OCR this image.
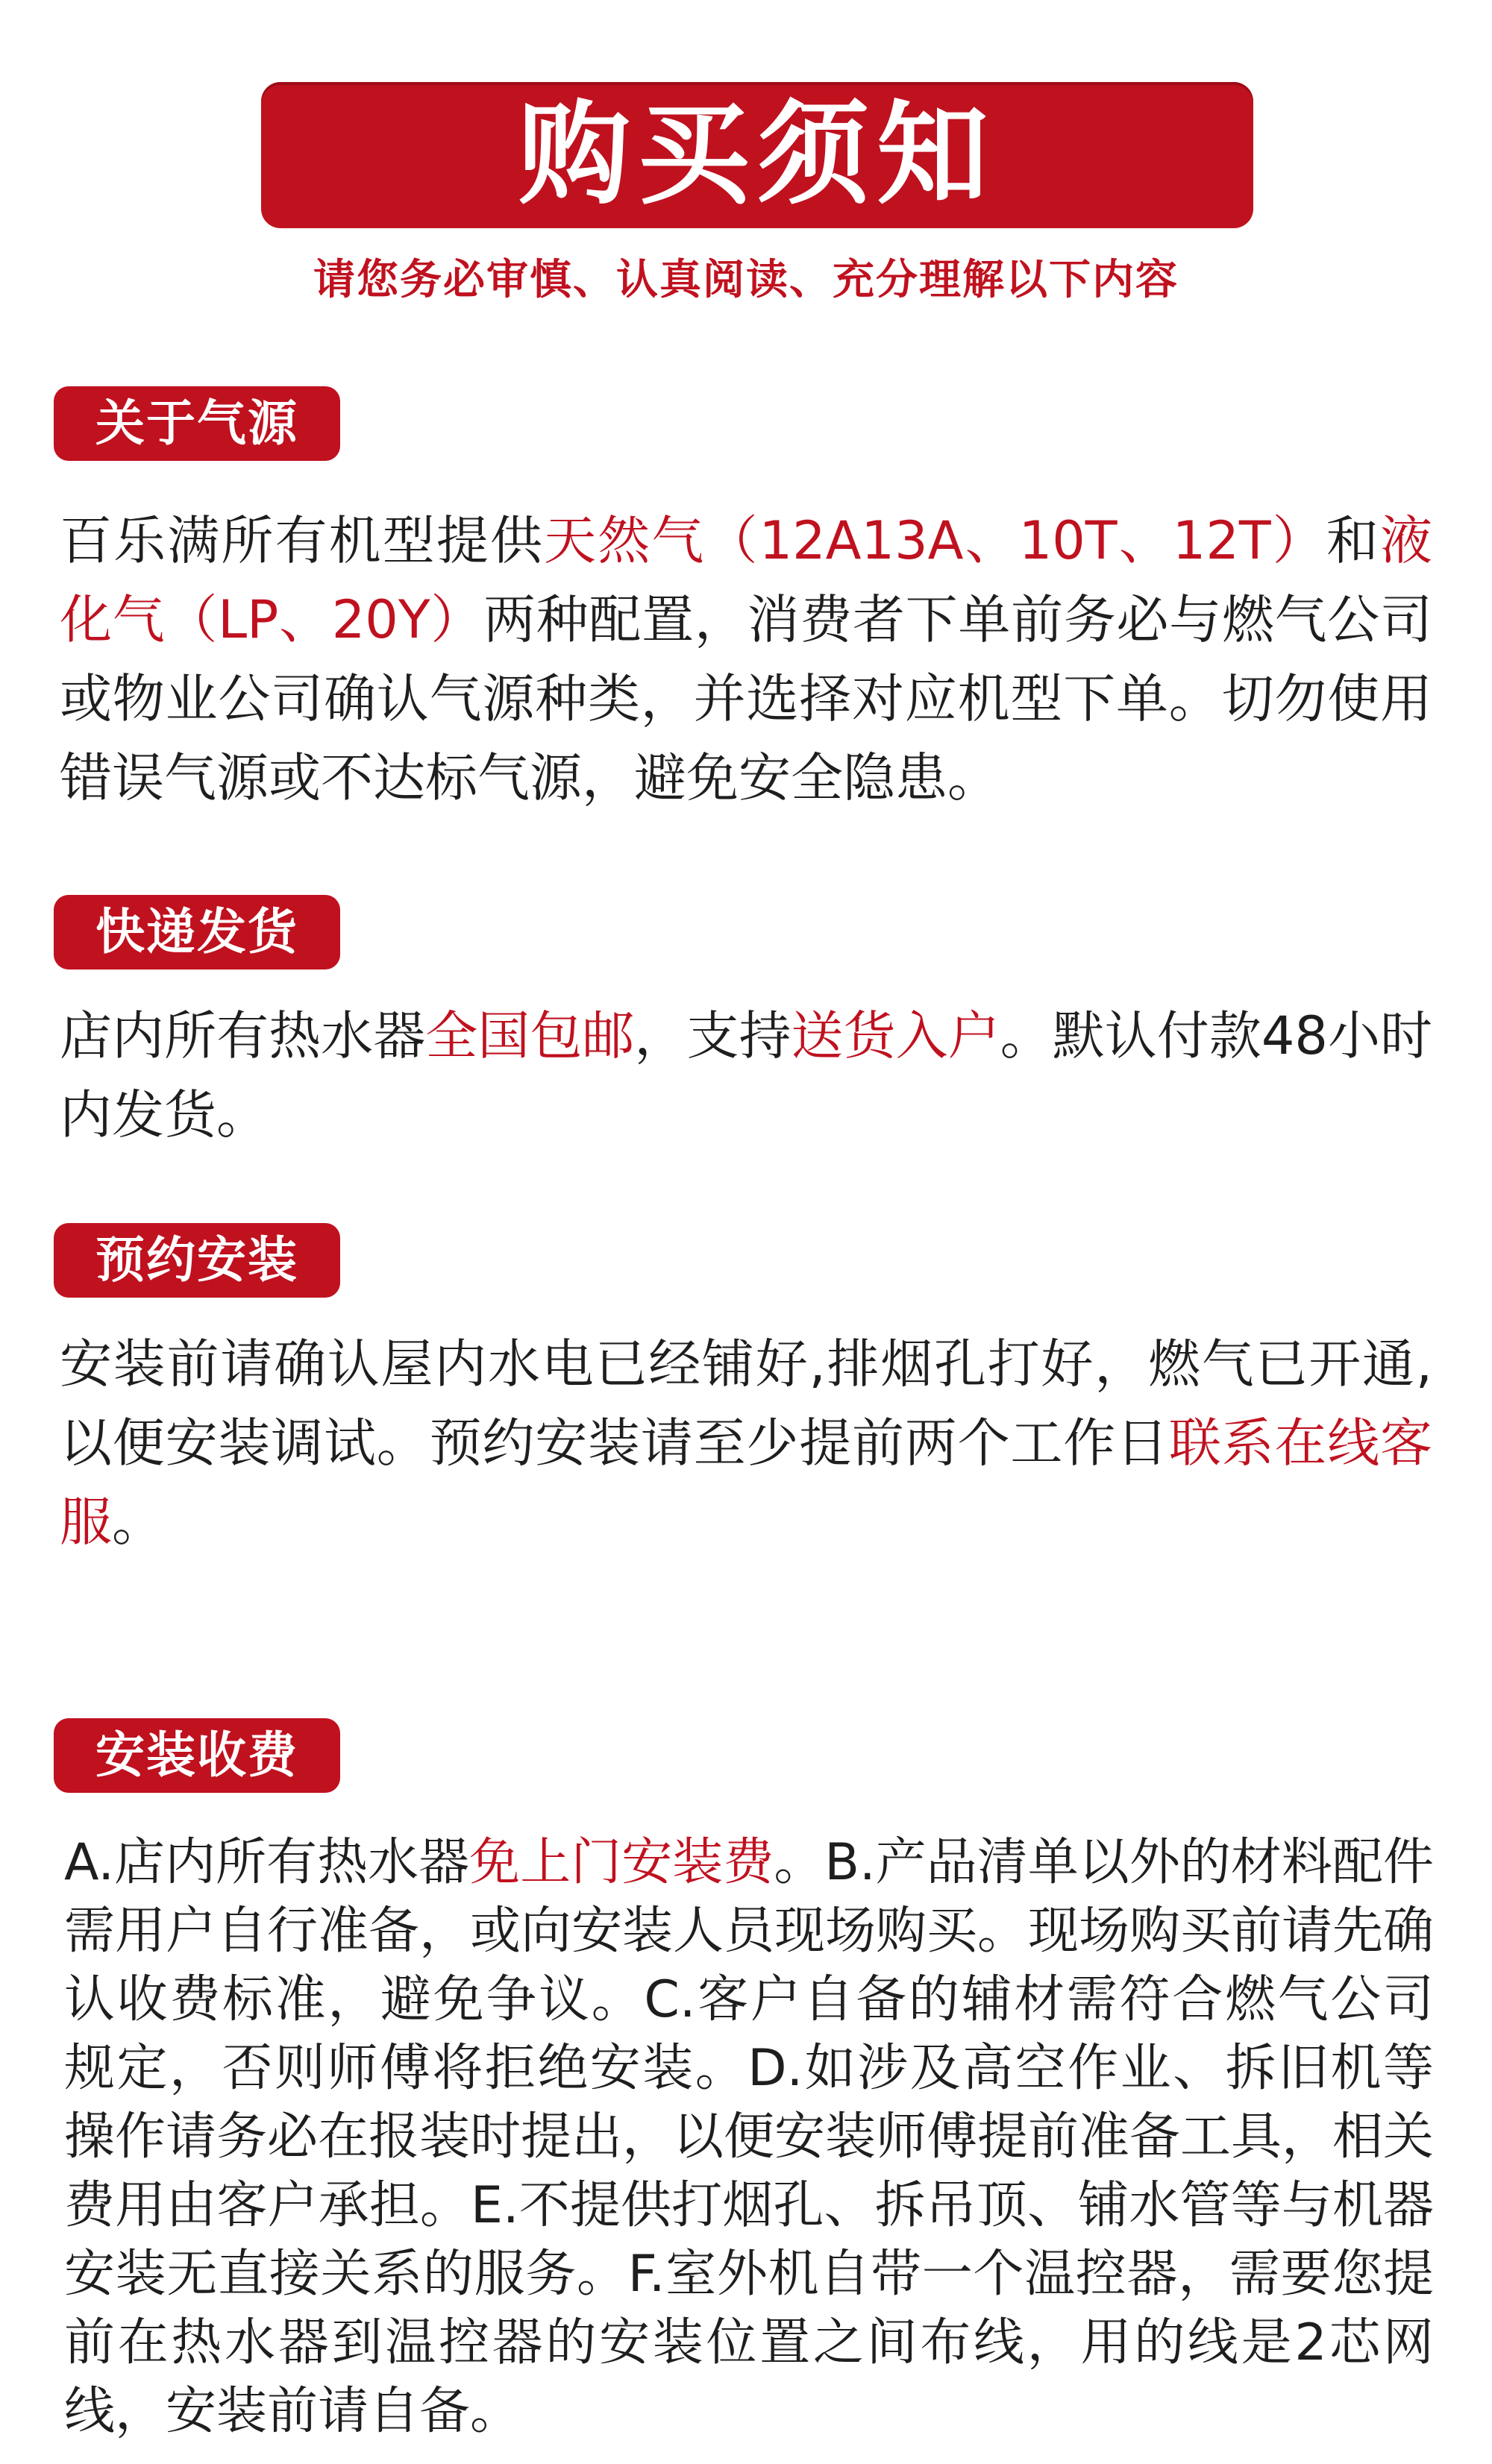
购买须知
请您务必审慎、认真阅读、充分理解以下内容
关于气源

百乐满所有机型提供天然气（12A13A、10T、12T）和液化气（LP、20Y）两种配置，消费者下单前务必与燃气公司或物业公司确认气源种类，并选择对应机型下单。切勿使用错误气源或不达标气源，避免安全隐患。

快递发货

店内所有热水器全国包邮，支持送货入户。默认付款48小时内发货。

预约安装

安装前请确认屋内水电已经铺好,排烟孔打好，燃气已开通,以便安装调试。预约安装请至少提前两个工作日联系在线客服。

安装收费

A.店内所有热水器免上门安装费。B.产品清单以外的材料配件需用户自行准备，或向安装人员现场购买。现场购买前请先确认收费标准，避免争议。C.客户自备的辅材需符合燃气公司规定，否则师傅将拒绝安装。D.如涉及高空作业、拆旧机等操作请务必在报装时提出，以便安装师傅提前准备工具，相关费用由客户承担。E.不提供打烟孔、拆吊顶、铺水管等与机器安装无直接关系的服务。F.室外机自带一个温控器，需要您提前在热水器到温控器的安装位置之间布线，用的线是2芯网线，安装前请自备。
